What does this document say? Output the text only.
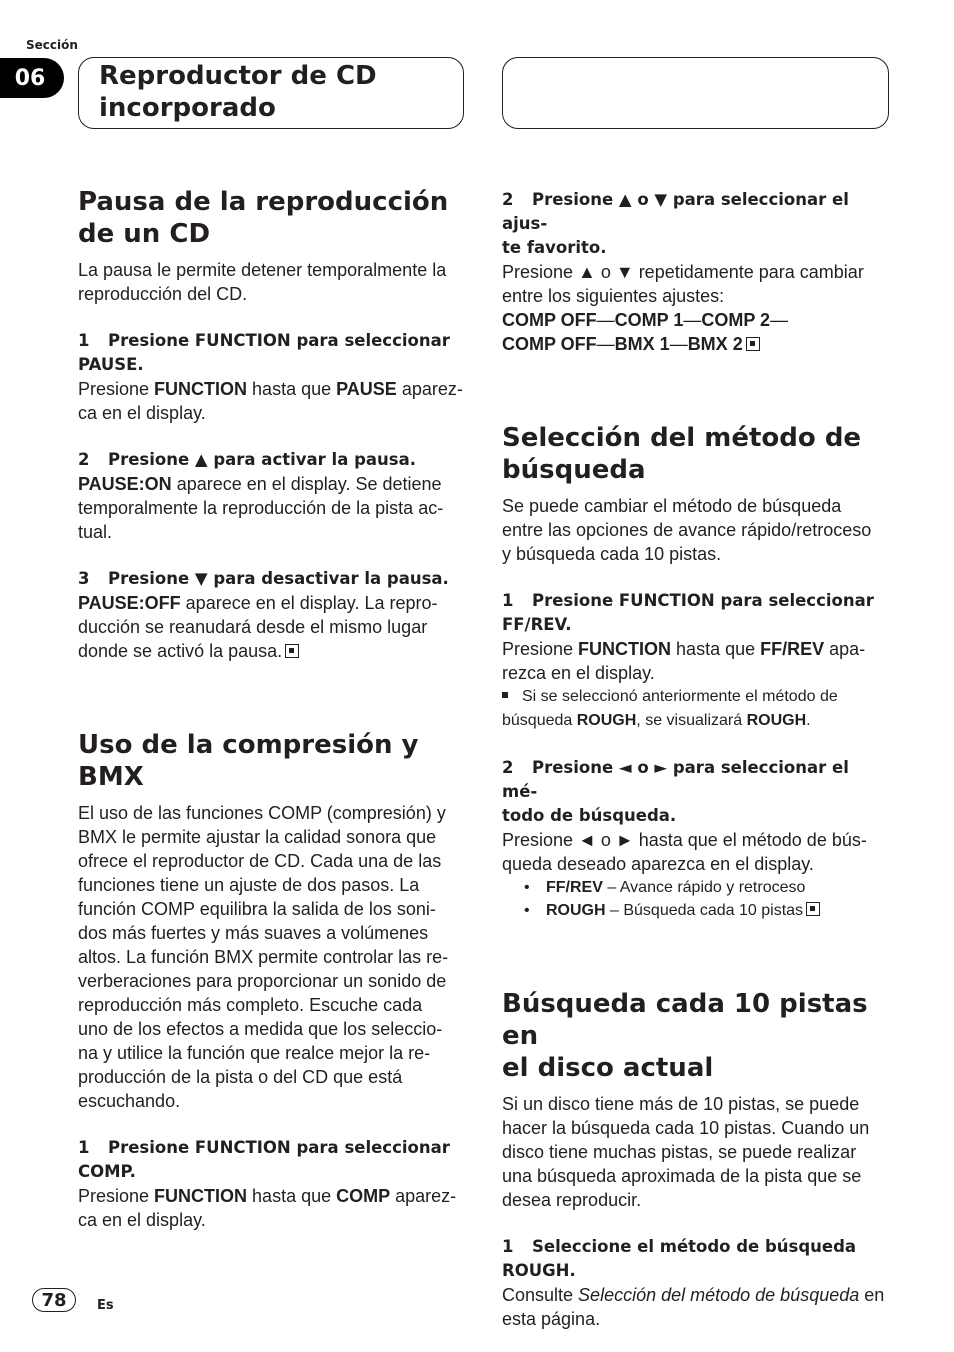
Sección
06	Reproductor de CD
incorporado
Pausa de la reproducción
de un CD
La pausa le permite detener temporalmente la
reproducción del CD.
1 Presione FUNCTION para seleccionar
PAUSE.
Presione FUNCTION hasta que PAUSE aparez-
ca en el display.
2 Presione ▲ para activar la pausa.
PAUSE:ON aparece en el display. Se detiene
temporalmente la reproducción de la pista ac-
tual.
3 Presione ▼ para desactivar la pausa.
PAUSE:OFF aparece en el display. La repro-
ducción se reanudará desde el mismo lugar
donde se activó la pausa.
Uso de la compresión y BMX
El uso de las funciones COMP (compresión) y
BMX le permite ajustar la calidad sonora que
ofrece el reproductor de CD. Cada una de las
funciones tiene un ajuste de dos pasos. La
función COMP equilibra la salida de los soni-
dos más fuertes y más suaves a volúmenes
altos. La función BMX permite controlar las re-
verberaciones para proporcionar un sonido de
reproducción más completo. Escuche cada
uno de los efectos a medida que los seleccio-
na y utilice la función que realce mejor la re-
producción de la pista o del CD que está
escuchando.
1 Presione FUNCTION para seleccionar
COMP.
Presione FUNCTION hasta que COMP aparez-
ca en el display.
2 Presione ▲ o ▼ para seleccionar el ajus-
te favorito.
Presione ▲ o ▼ repetidamente para cambiar
entre los siguientes ajustes:
COMP OFF—COMP 1—COMP 2—
COMP OFF—BMX 1—BMX 2
Selección del método de
búsqueda
Se puede cambiar el método de búsqueda
entre las opciones de avance rápido/retroceso
y búsqueda cada 10 pistas.
1 Presione FUNCTION para seleccionar
FF/REV.
Presione FUNCTION hasta que FF/REV apa-
rezca en el display.
Si se seleccionó anteriormente el método de
búsqueda ROUGH, se visualizará ROUGH.
2 Presione ◄ o ► para seleccionar el mé-
todo de búsqueda.
Presione ◄ o ► hasta que el método de bús-
queda deseado aparezca en el display.
• FF/REV – Avance rápido y retroceso
• ROUGH – Búsqueda cada 10 pistas
Búsqueda cada 10 pistas en
el disco actual
Si un disco tiene más de 10 pistas, se puede
hacer la búsqueda cada 10 pistas. Cuando un
disco tiene muchas pistas, se puede realizar
una búsqueda aproximada de la pista que se
desea reproducir.
1 Seleccione el método de búsqueda
ROUGH.
Consulte Selección del método de búsqueda en
esta página.
78	Es
